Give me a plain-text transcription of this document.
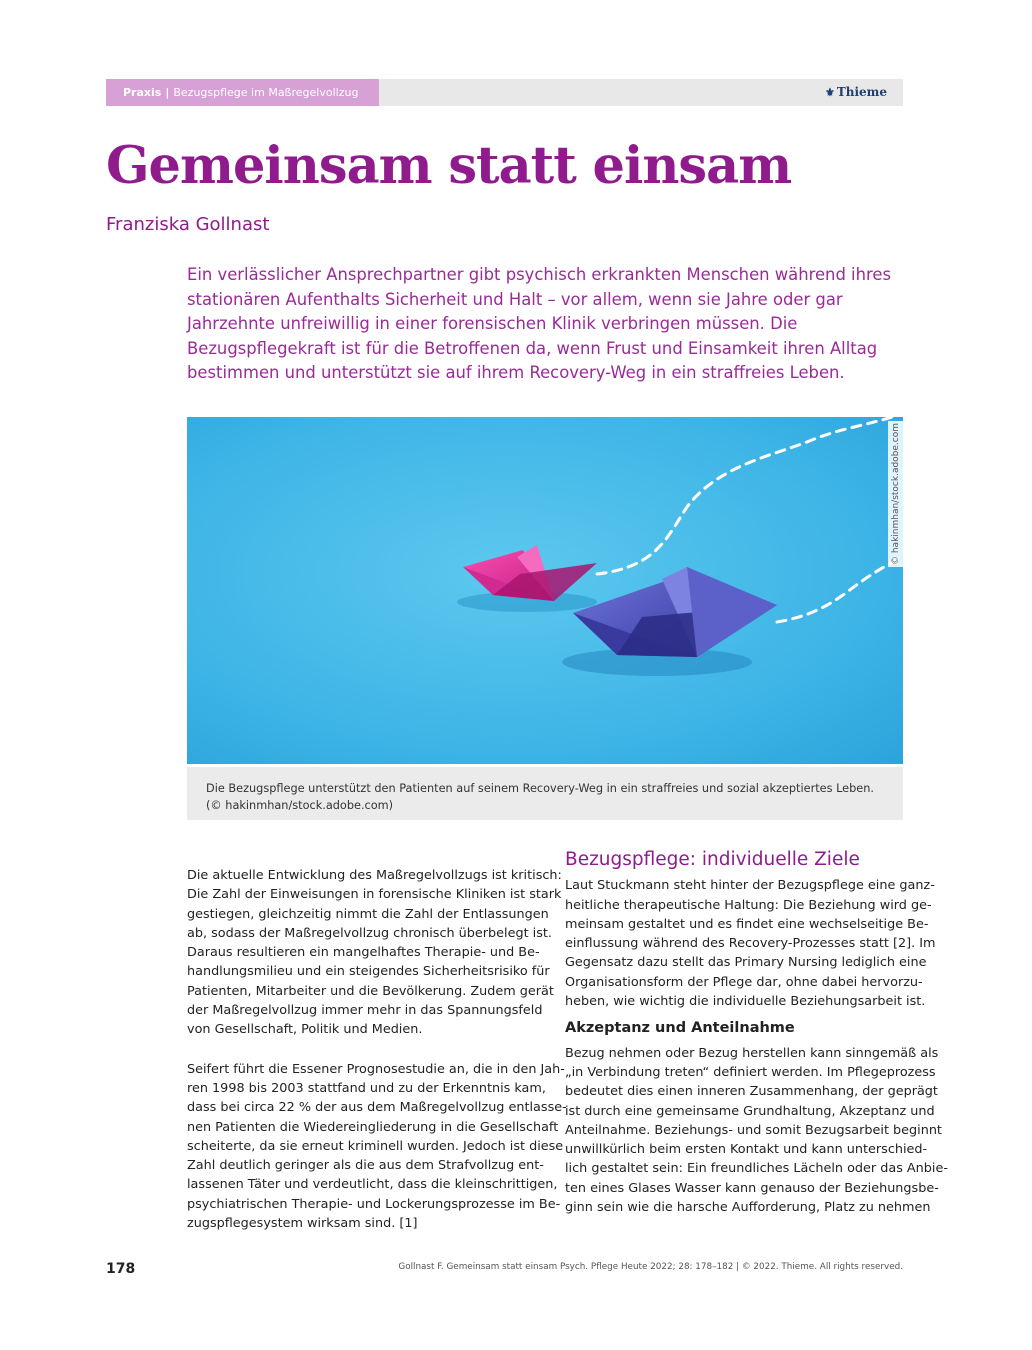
Praxis | Bezugspflege im Maßregelvollzug	⚜ Thieme
Gemeinsam statt einsam
Franziska Gollnast

Ein verlässlicher Ansprechpartner gibt psychisch erkrankten Menschen während ihres stationären Aufenthalts Sicherheit und Halt – vor allem, wenn sie Jahre oder gar Jahrzehnte unfreiwillig in einer forensischen Klinik verbringen müssen. Die Bezugspflegekraft ist für die Betroffenen da, wenn Frust und Einsamkeit ihren Alltag bestimmen und unterstützt sie auf ihrem Recovery-Weg in ein straffreies Leben.

© hakinmhan/stock.adobe.com
Die Bezugspflege unterstützt den Patienten auf seinem Recovery-Weg in ein straffreies und sozial akzeptiertes Leben.
(© hakinmhan/stock.adobe.com)

Die aktuelle Entwicklung des Maßregelvollzugs ist kritisch:

Die Zahl der Einweisungen in forensische Kliniken ist stark

gestiegen, gleichzeitig nimmt die Zahl der Entlassungen

ab, sodass der Maßregelvollzug chronisch überbelegt ist.

Daraus resultieren ein mangelhaftes Therapie- und Be-

handlungsmilieu und ein steigendes Sicherheitsrisiko für

Patienten, Mitarbeiter und die Bevölkerung. Zudem gerät

der Maßregelvollzug immer mehr in das Spannungsfeld

von Gesellschaft, Politik und Medien.

Seifert führt die Essener Prognosestudie an, die in den Jah-

ren 1998 bis 2003 stattfand und zu der Erkenntnis kam,

dass bei circa 22 % der aus dem Maßregelvollzug entlasse-

nen Patienten die Wiedereingliederung in die Gesellschaft

scheiterte, da sie erneut kriminell wurden. Jedoch ist diese

Zahl deutlich geringer als die aus dem Strafvollzug ent-

lassenen Täter und verdeutlicht, dass die kleinschrittigen,

psychiatrischen Therapie- und Lockerungsprozesse im Be-

zugspflegesystem wirksam sind. [1]

Bezugspflege: individuelle Ziele

Laut Stuckmann steht hinter der Bezugspflege eine ganz-

heitliche therapeutische Haltung: Die Beziehung wird ge-

meinsam gestaltet und es findet eine wechselseitige Be-

einflussung während des Recovery-Prozesses statt [2]. Im

Gegensatz dazu stellt das Primary Nursing lediglich eine

Organisationsform der Pflege dar, ohne dabei hervorzu-

heben, wie wichtig die individuelle Beziehungsarbeit ist.

Akzeptanz und Anteilnahme

Bezug nehmen oder Bezug herstellen kann sinngemäß als

„in Verbindung treten“ definiert werden. Im Pflegeprozess

bedeutet dies einen inneren Zusammenhang, der geprägt

ist durch eine gemeinsame Grundhaltung, Akzeptanz und

Anteilnahme. Beziehungs- und somit Bezugsarbeit beginnt

unwillkürlich beim ersten Kontakt und kann unterschied-

lich gestaltet sein: Ein freundliches Lächeln oder das Anbie-

ten eines Glases Wasser kann genauso der Beziehungsbe-

ginn sein wie die harsche Aufforderung, Platz zu nehmen

178	Gollnast F. Gemeinsam statt einsam Psych. Pflege Heute 2022; 28: 178–182 | © 2022. Thieme. All rights reserved.
